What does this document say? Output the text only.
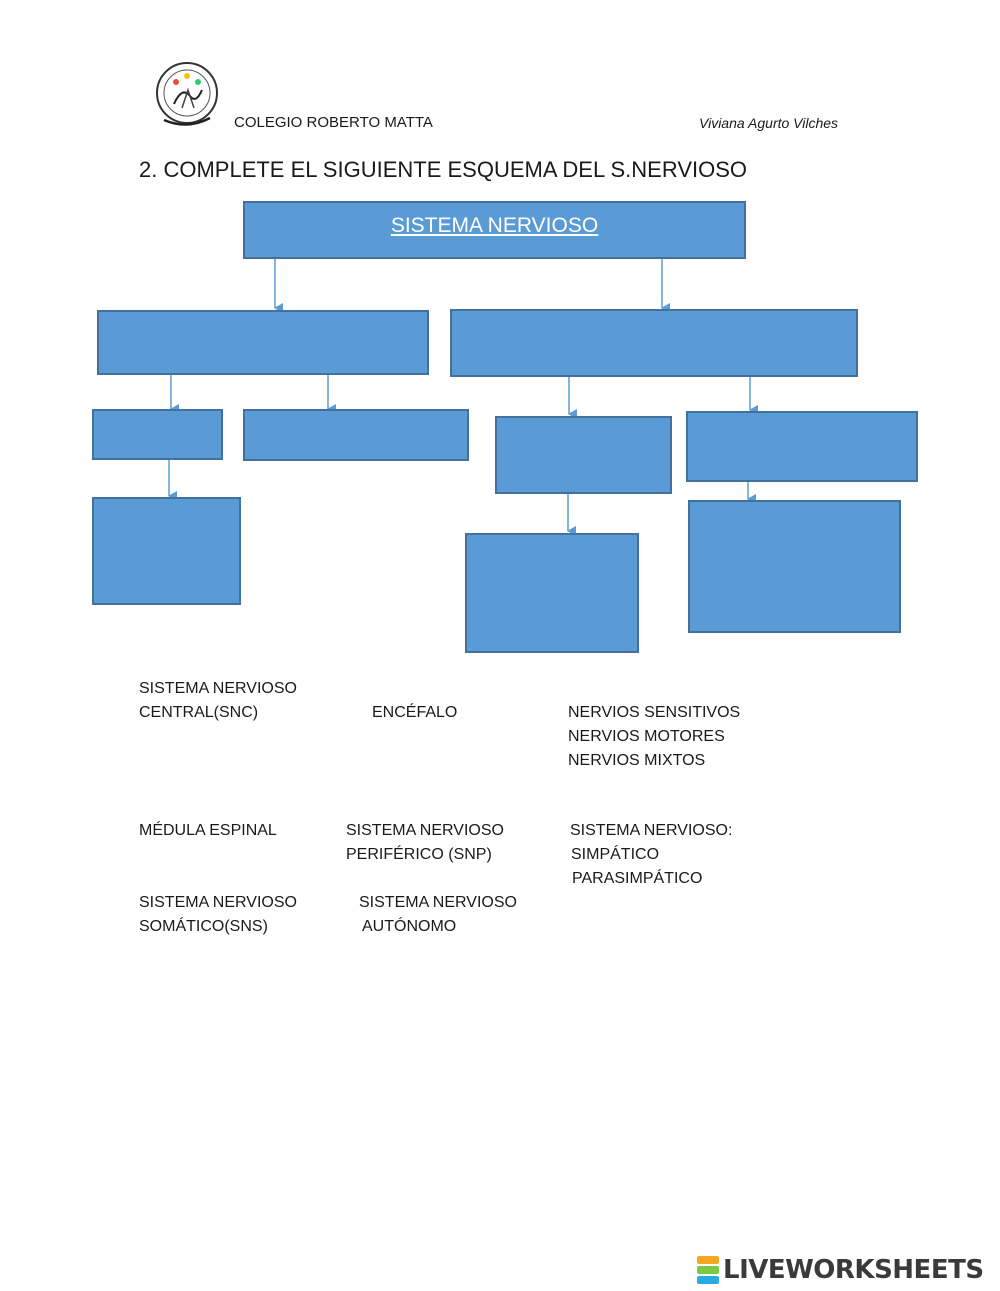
COLEGIO ROBERTO MATTA	Viviana Agurto Vilches
2. COMPLETE EL SIGUIENTE ESQUEMA DEL S.NERVIOSO
SISTEMA NERVIOSO
SISTEMA NERVIOSO
CENTRAL(SNC)	ENCÉFALO	NERVIOS SENSITIVOS
NERVIOS MOTORES
NERVIOS MIXTOS
MÉDULA ESPINAL	SISTEMA NERVIOSO
PERIFÉRICO (SNP)
SISTEMA NERVIOSO:
SIMPÁTICO
PARASIMPÁTICO
SISTEMA NERVIOSO
SOMÁTICO(SNS)
SISTEMA NERVIOSO
AUTÓNOMO
LIVEWORKSHEETS
